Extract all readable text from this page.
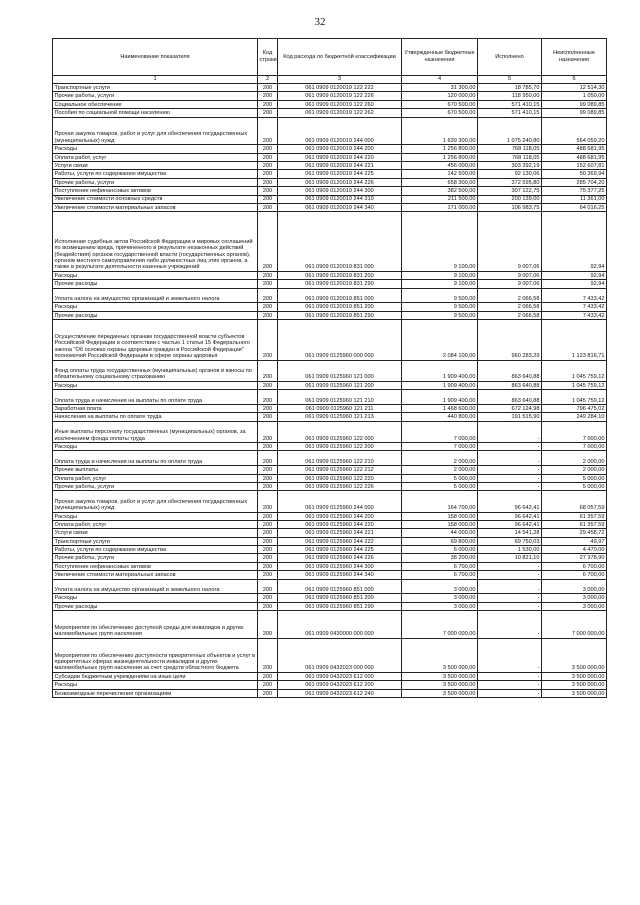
32
Наименование показателя	Код строки	Код расхода по бюджетной классификации	Утвержденные бюджетные назначения	Исполнено	Неисполненные назначения
1	2	3	4	5	6
Транспортные услуги	200	061 0909 0120019 122 222	31 300,00	18 785,70	12 514,30
Прочие работы, услуги	200	061 0909 0120019 122 226	120 000,00	118 950,00	1 050,00
Социальное обеспечение	200	061 0909 0120019 122 260	670 500,00	571 410,15	99 089,85
Пособия по социальной помощи населению	200	061 0909 0120019 122 262	670 500,00	571 410,15	99 089,85
Прочая закупка товаров, работ и услуг для обеспечения государственных (муниципальных) нужд	200	061 0909 0120019 244 000	1 639 300,00	1 075 240,80	564 059,20
Расходы	200	061 0909 0120019 244 200	1 256 800,00	768 118,05	488 681,95
Оплата работ, услуг	200	061 0909 0120019 244 220	1 256 800,00	768 118,05	488 681,95
Услуги связи	200	061 0909 0120019 244 221	456 000,00	303 392,19	152 607,81
Работы, услуги по содержанию имущества	200	061 0909 0120019 244 225	142 500,00	92 130,06	50 369,94
Прочие работы, услуги	200	061 0909 0120019 244 226	658 300,00	372 595,80	285 704,20
Поступление нефинансовых активов	200	061 0909 0120019 244 300	382 500,00	307 122,75	75 377,25
Увеличение стоимости основных средств	200	061 0909 0120019 244 310	211 500,00	200 139,00	11 361,00
Увеличение стоимости материальных запасов	200	061 0909 0120019 244 340	171 000,00	106 983,75	64 016,25
Исполнение судебных актов Российской Федерации и мировых соглашений по возмещению вреда, причиненного в результате незаконных действий (бездействия) органов государственной власти (государственных органов), органов местного самоуправления либо должностных лиц этих органов, а также в результате деятельности казенных учреждений	200	061 0909 0120019 831 000	9 100,00	9 007,06	92,94
Расходы	200	061 0909 0120019 831 200	9 100,00	9 007,06	92,94
Прочие расходы	200	061 0909 0120019 831 290	9 100,00	9 007,06	92,94
Уплата налога на имущество организаций и земельного налога	200	061 0909 0120019 851 000	9 500,00	2 066,58	7 433,42
Расходы	200	061 0909 0120019 851 200	9 500,00	2 066,58	7 433,42
Прочие расходы	200	061 0909 0120019 851 290	9 500,00	2 066,58	7 433,42
Осуществление переданных органам государственной власти субъектов Российской Федерации в соответствии с частью 1 статьи 15 Федерального закона "Об основах охраны здоровья граждан в Российской Федерации" полномочий Российской Федерации в сфере охраны здоровья	200	061 0909 0125960 000 000	2 084 100,00	960 283,29	1 123 816,71
Фонд оплаты труда государственных (муниципальных) органов и взносы по обязательному социальному страхованию	200	061 0909 0125960 121 000	1 909 400,00	863 640,88	1 045 759,12
Расходы	200	061 0909 0125960 121 200	1 909 400,00	863 640,88	1 045 759,12
Оплата труда и начисления на выплаты по оплате труда	200	061 0909 0125960 121 210	1 909 400,00	863 640,88	1 045 759,12
Заработная плата	200	061 0909 0125960 121 211	1 468 600,00	672 124,98	796 475,02
Начисления на выплаты по оплате труда	200	061 0909 0125960 121 213	440 800,00	191 515,90	249 284,10
Иные выплаты персоналу государственных (муниципальных) органов, за исключением фонда оплаты труда	200	061 0909 0125960 122 000	7 000,00	-	7 000,00
Расходы	200	061 0909 0125960 122 200	7 000,00	-	7 000,00
Оплата труда и начисления на выплаты по оплате труда	200	061 0909 0125960 122 210	2 000,00	-	2 000,00
Прочие выплаты	200	061 0909 0125960 122 212	2 000,00	-	2 000,00
Оплата работ, услуг	200	061 0909 0125960 122 220	5 000,00	-	5 000,00
Прочие работы, услуги	200	061 0909 0125960 122 226	5 000,00	-	5 000,00
Прочая закупка товаров, работ и услуг для обеспечения государственных (муниципальных) нужд	200	061 0909 0125960 244 000	164 700,00	96 642,41	68 057,59
Расходы	200	061 0909 0125960 244 200	158 000,00	96 642,41	61 357,59
Оплата работ, услуг	200	061 0909 0125960 244 220	158 000,00	96 642,41	61 357,59
Услуги связи	200	061 0909 0125960 244 221	44 000,00	14 541,28	29 458,72
Транспортные услуги	200	061 0909 0125960 244 222	69 800,00	69 750,03	49,97
Работы, услуги по содержанию имущества	200	061 0909 0125960 244 225	6 000,00	1 530,00	4 470,00
Прочие работы, услуги	200	061 0909 0125960 244 226	38 200,00	10 821,10	27 378,90
Поступление нефинансовых активов	200	061 0909 0125960 244 300	6 700,00	-	6 700,00
Увеличение стоимости материальных запасов	200	061 0909 0125960 244 340	6 700,00	-	6 700,00
Уплата налога на имущество организаций и земельного налога	200	061 0909 0125960 851 000	3 000,00	-	3 000,00
Расходы	200	061 0909 0125960 851 200	3 000,00	-	3 000,00
Прочие расходы	200	061 0909 0125960 851 290	3 000,00	-	3 000,00
Мероприятия по обеспечению доступной среды для инвалидов и других маломобильных групп населения	200	061 0909 0430000 000 000	7 000 000,00	-	7 000 000,00
Мероприятия по обеспечению доступности приоритетных объектов и услуг в приоритетных сферах жизнедеятельности инвалидов и других маломобильных групп населения за счет средств областного бюджета	200	061 0909 0432023 000 000	3 500 000,00	-	3 500 000,00
Субсидии бюджетным учреждениям на иные цели	200	061 0909 0432023 612 000	3 500 000,00	-	3 500 000,00
Расходы	200	061 0909 0432023 612 200	3 500 000,00	-	3 500 000,00
Безвозмездные перечисления организациям	200	061 0909 0432023 612 240	3 500 000,00	-	3 500 000,00
